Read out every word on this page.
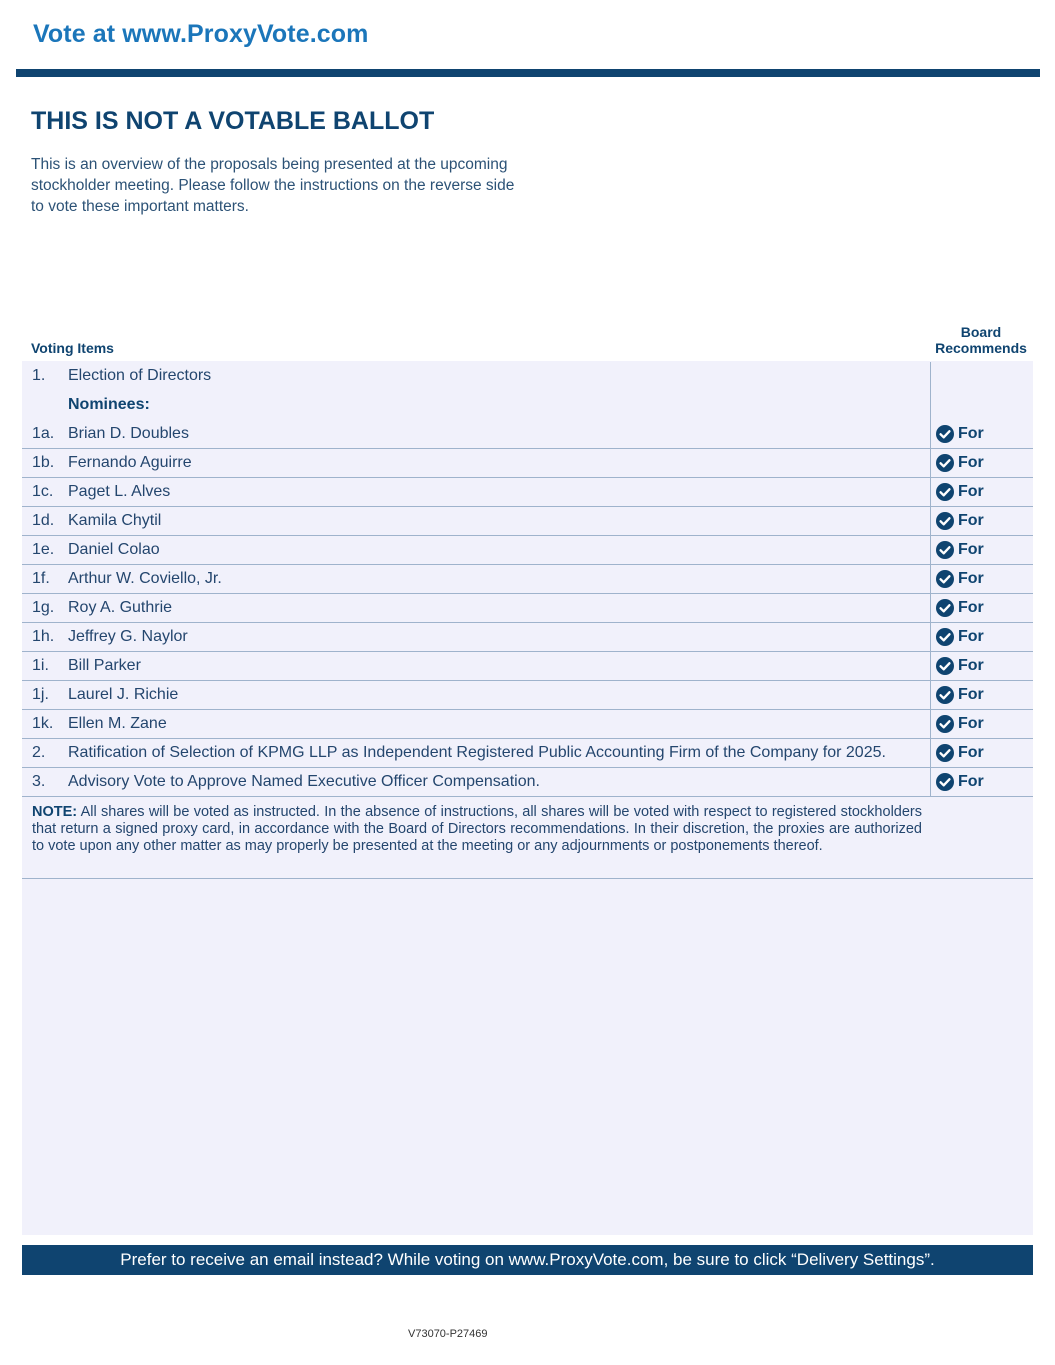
Vote at www.ProxyVote.com
THIS IS NOT A VOTABLE BALLOT
This is an overview of the proposals being presented at the upcoming stockholder meeting. Please follow the instructions on the reverse side to vote these important matters.
Voting Items
Board
Recommends
1. Election of Directors
Nominees:
1a. Brian D. Doubles	For
1b. Fernando Aguirre	For
1c. Paget L. Alves	For
1d. Kamila Chytil	For
1e. Daniel Colao	For
1f. Arthur W. Coviello, Jr.	For
1g. Roy A. Guthrie	For
1h. Jeffrey G. Naylor	For
1i. Bill Parker	For
1j. Laurel J. Richie	For
1k. Ellen M. Zane	For
2. Ratification of Selection of KPMG LLP as Independent Registered Public Accounting Firm of the Company for 2025.	For
3. Advisory Vote to Approve Named Executive Officer Compensation.	For
NOTE: All shares will be voted as instructed. In the absence of instructions, all shares will be voted with respect to registered stockholders that return a signed proxy card, in accordance with the Board of Directors recommendations. In their discretion, the proxies are authorized to vote upon any other matter as may properly be presented at the meeting or any adjournments or postponements thereof.
Prefer to receive an email instead? While voting on www.ProxyVote.com, be sure to click “Delivery Settings”.
V73070-P27469
